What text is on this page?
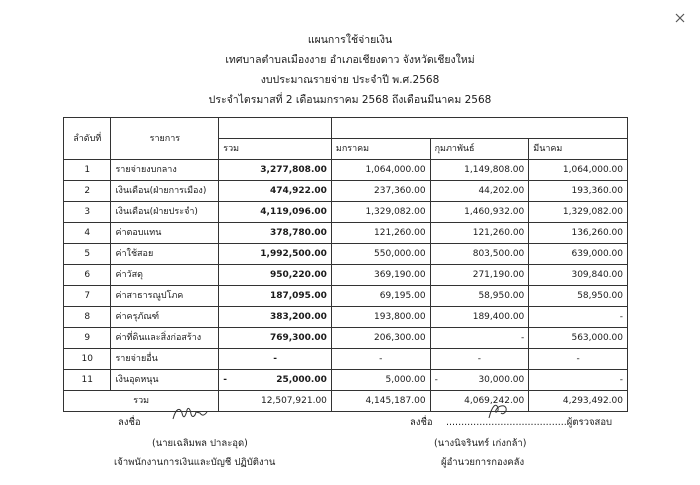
แผนการใช้จ่ายเงิน
เทศบาลตำบลเมืองงาย อำเภอเชียงดาว จังหวัดเชียงใหม่
งบประมาณรายจ่าย ประจำปี พ.ศ.2568
ประจำไตรมาสที่ 2 เดือนมกราคม 2568 ถึงเดือนมีนาคม 2568
ลำดับที่	รายการ				
		รวม	มกราคม	กุมภาพันธ์	มีนาคม
1	รายจ่ายงบกลาง	3,277,808.00	1,064,000.00	1,149,808.00	1,064,000.00
2	เงินเดือน(ฝ่ายการเมือง)	474,922.00	237,360.00	44,202.00	193,360.00
3	เงินเดือน(ฝ่ายประจำ)	4,119,096.00	1,329,082.00	1,460,932.00	1,329,082.00
4	ค่าตอบแทน	378,780.00	121,260.00	121,260.00	136,260.00
5	ค่าใช้สอย	1,992,500.00	550,000.00	803,500.00	639,000.00
6	ค่าวัสดุ	950,220.00	369,190.00	271,190.00	309,840.00
7	ค่าสาธารณูปโภค	187,095.00	69,195.00	58,950.00	58,950.00
8	ค่าครุภัณฑ์	383,200.00	193,800.00	189,400.00	-
9	ค่าที่ดินและสิ่งก่อสร้าง	769,300.00	206,300.00	-	563,000.00
10	รายจ่ายอื่น	-	-	-	-
11	เงินอุดหนุน	- 25,000.00	5,000.00	- 30,000.00	-
รวม		12,507,921.00	4,145,187.00	4,069,242.00	4,293,492.00
ลงชื่อ
(นายเฉลิมพล ปาละอุด)
เจ้าพนักงานการเงินและบัญชี ปฏิบัติงาน
ลงชื่อ ........................................ผู้ตรวจสอบ
(นางนิจรินทร์ เก่งกล้า)
ผู้อำนวยการกองคลัง
